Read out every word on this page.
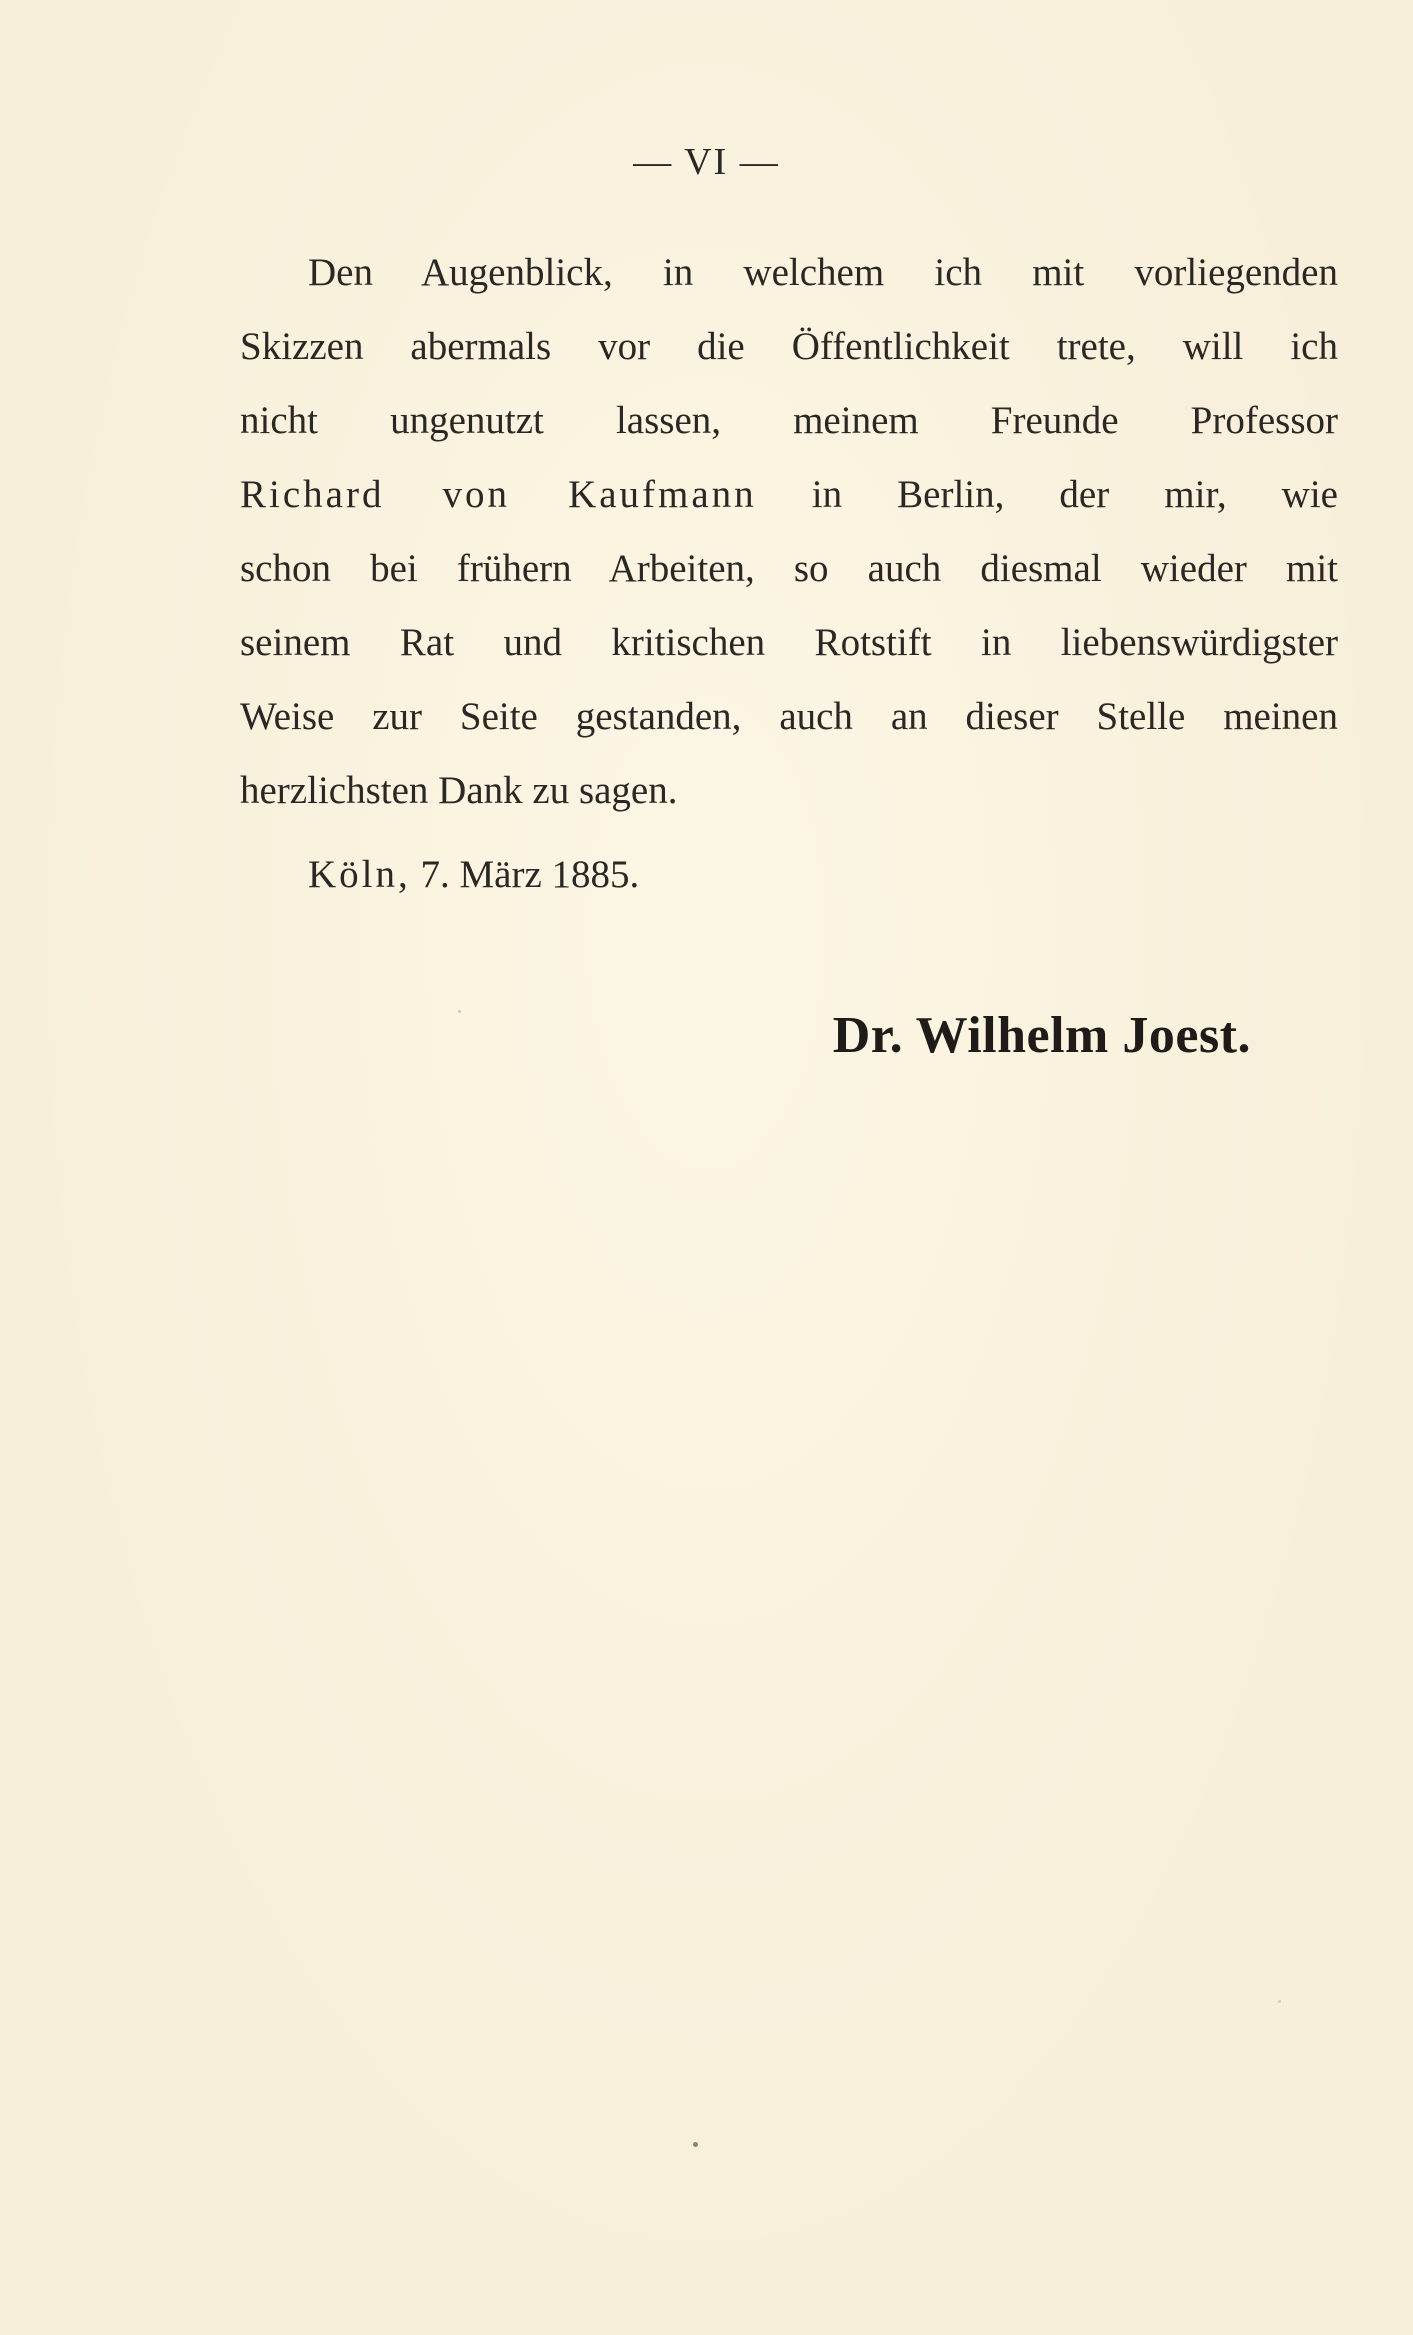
— VI —
Den Augenblick, in welchem ich mit vorliegenden
Skizzen abermals vor die Öffentlichkeit trete, will ich
nicht ungenutzt lassen, meinem Freunde Professor
Richard von Kaufmann in Berlin, der mir, wie
schon bei frühern Arbeiten, so auch diesmal wieder mit
seinem Rat und kritischen Rotstift in liebenswürdigster
Weise zur Seite gestanden, auch an dieser Stelle meinen
herzlichsten Dank zu sagen.
Köln, 7. März 1885.
Dr. Wilhelm Joest.
